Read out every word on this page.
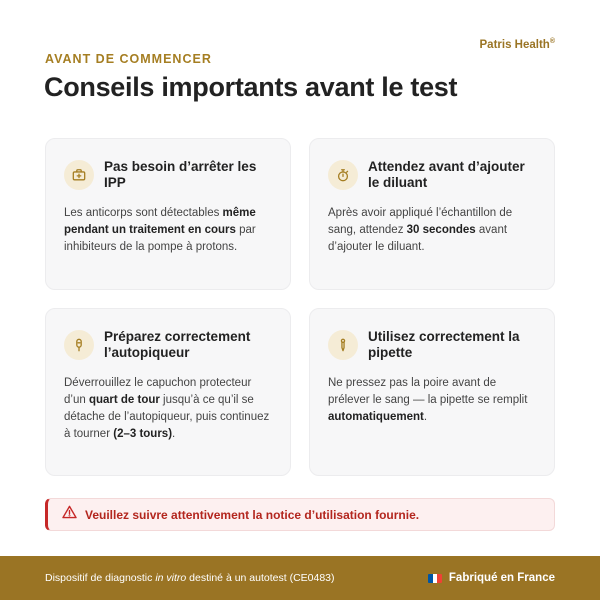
Patris Health®
AVANT DE COMMENCER
Conseils importants avant le test
Pas besoin d’arrêter les IPP
Les anticorps sont détectables même pendant un traitement en cours par inhibiteurs de la pompe à protons.
Attendez avant d’ajouter le diluant
Après avoir appliqué l’échantillon de sang, attendez 30 secondes avant d’ajouter le diluant.
Préparez correctement l’autopiqueur
Déverrouillez le capuchon protecteur d’un quart de tour jusqu’à ce qu’il se détache de l’autopiqueur, puis continuez à tourner (2–3 tours).
Utilisez correctement la pipette
Ne pressez pas la poire avant de prélever le sang — la pipette se remplit automatiquement.
Veuillez suivre attentivement la notice d’utilisation fournie.
Dispositif de diagnostic in vitro destiné à un autotest (CE0483)	Fabriqué en France
